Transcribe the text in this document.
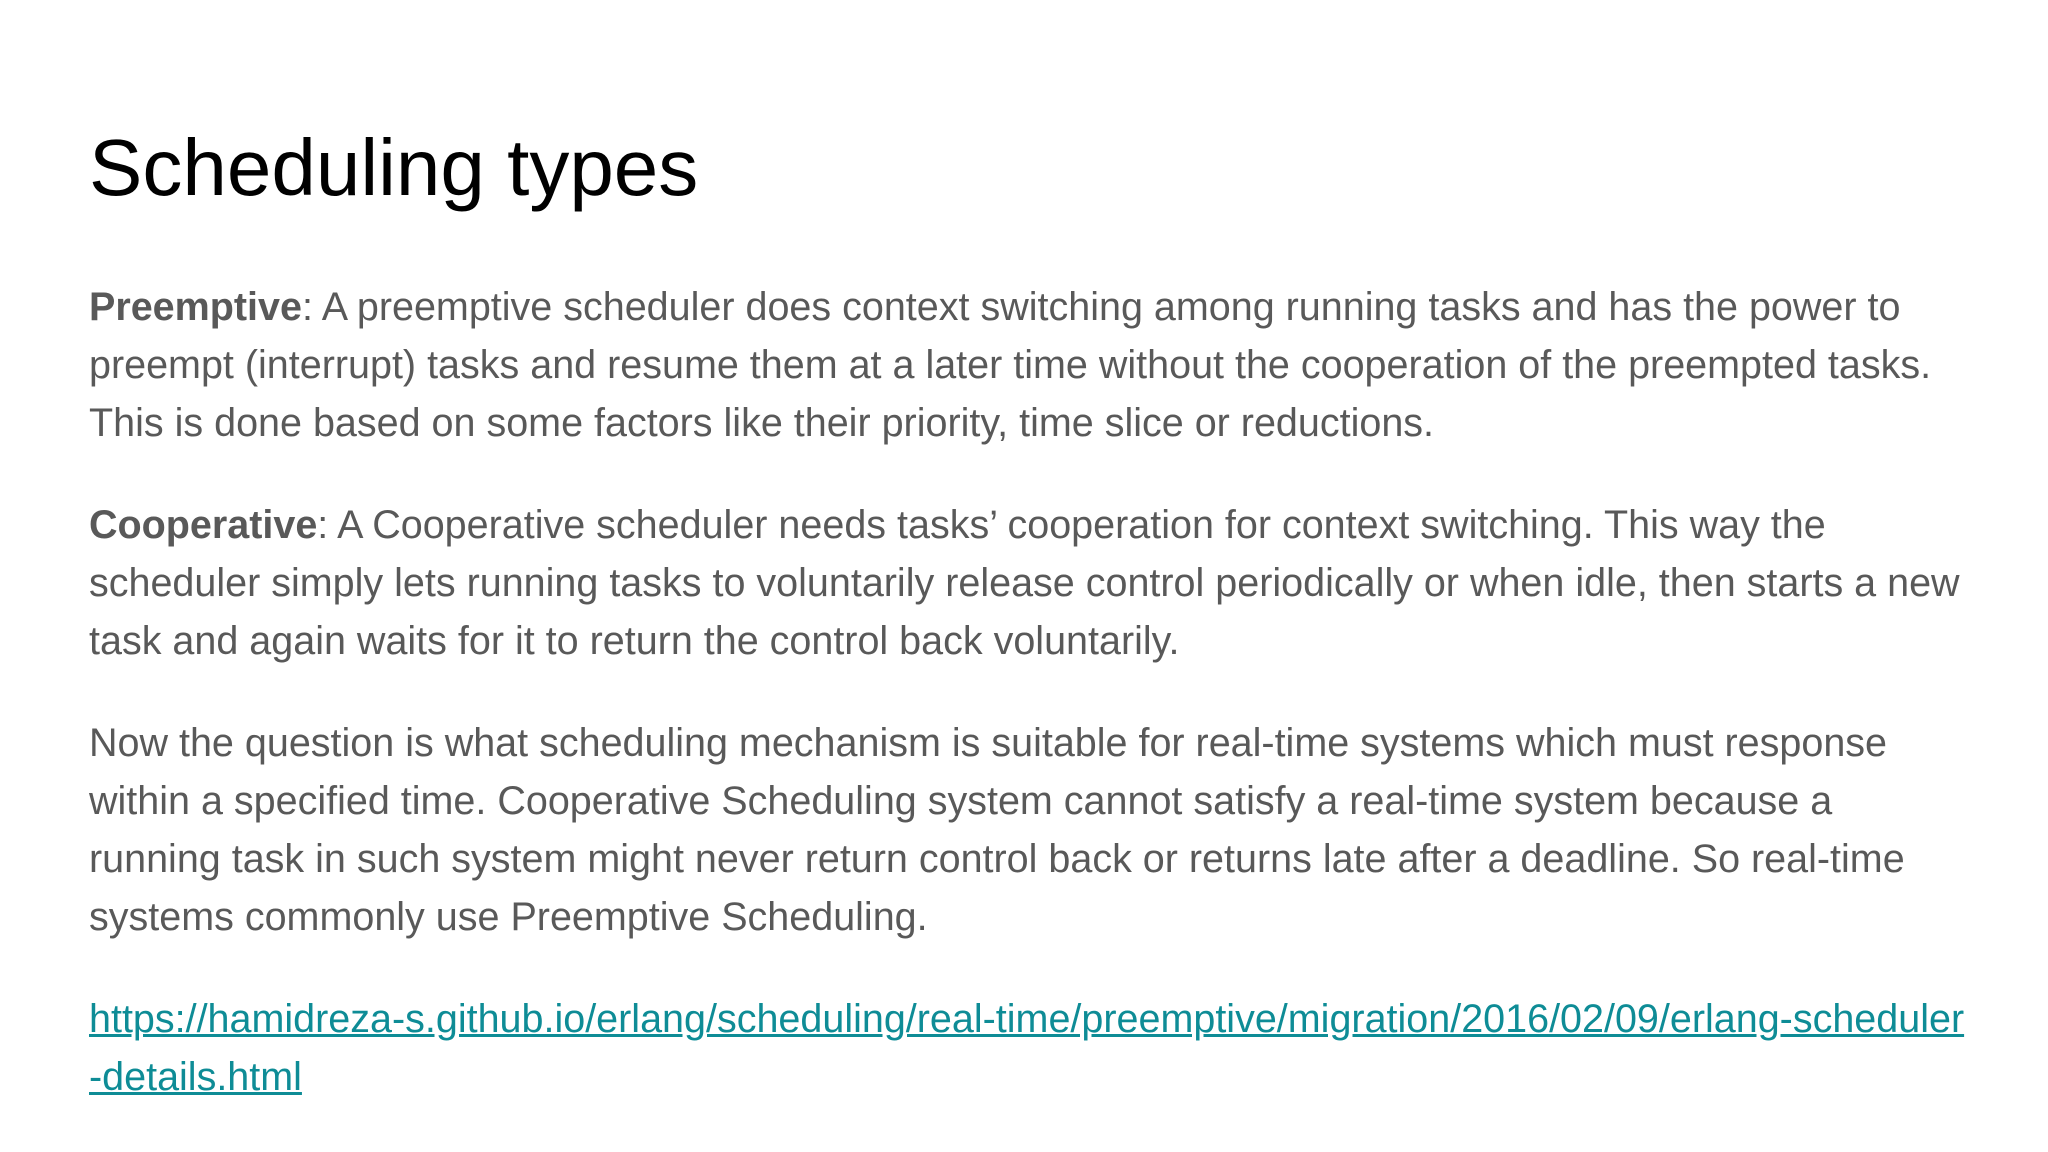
Scheduling types

Preemptive: A preemptive scheduler does context switching among running tasks and has the power to preempt (interrupt) tasks and resume them at a later time without the cooperation of the preempted tasks. This is done based on some factors like their priority, time slice or reductions.

Cooperative: A Cooperative scheduler needs tasks’ cooperation for context switching. This way the scheduler simply lets running tasks to voluntarily release control periodically or when idle, then starts a new task and again waits for it to return the control back voluntarily.

Now the question is what scheduling mechanism is suitable for real-time systems which must response within a specified time. Cooperative Scheduling system cannot satisfy a real-time system because a running task in such system might never return control back or returns late after a deadline. So real-time systems commonly use Preemptive Scheduling.

https://hamidreza-s.github.io/erlang/scheduling/real-time/preemptive/migration/2016/02/09/erlang-scheduler-details.html
